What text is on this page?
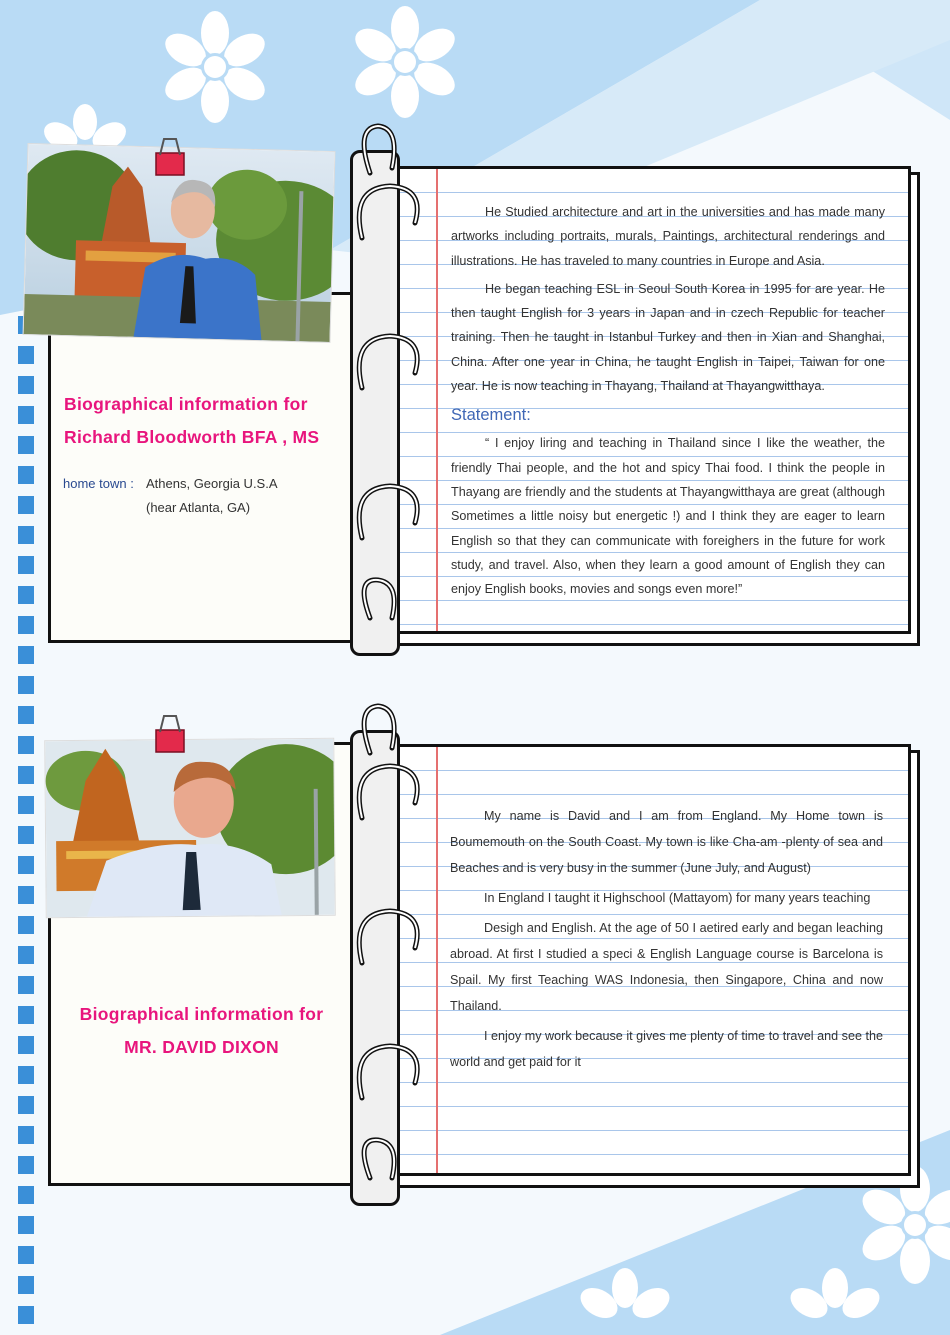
Biographical information for
Richard Bloodworth BFA , MS
home town : Athens, Georgia U.S.A
(hear Atlanta, GA)

He Studied architecture and art in the universities and has made many artworks including portraits, murals, Paintings, architectural renderings and illustrations. He has traveled to many countries in Europe and Asia.

He began teaching ESL in Seoul South Korea in 1995 for are year. He then taught English for 3 years in Japan and in czech Republic for teacher training. Then he taught in Istanbul Turkey and then in Xian and Shanghai, China. After one year in China, he taught English in Taipei, Taiwan for one year. He is now teaching in Thayang, Thailand at Thayangwitthaya.

Statement:

“ I enjoy liring and teaching in Thailand since I like the weather, the friendly Thai people, and the hot and spicy Thai food. I think the people in Thayang are friendly and the students at Thayangwitthaya are great (although Sometimes a little noisy but energetic !) and I think they are eager to learn English so that they can communicate with foreighers in the future for work study, and travel. Also, when they learn a good amount of English they can enjoy English books, movies and songs even more!”

Biographical information for
MR. DAVID DIXON

My name is David and I am from England. My Home town is Boumemouth on the South Coast. My town is like Cha-am -plenty of sea and Beaches and is very busy in the summer (June July, and August)

In England I taught it Highschool (Mattayom) for many years teaching

Desigh and English. At the age of 50 I aetired early and began leaching abroad. At first I studied a speci & English Language course is Barcelona is Spail. My first Teaching WAS Indonesia, then Singapore, China and now Thailand.

I enjoy my work because it gives me plenty of time to travel and see the world and get paid for it
